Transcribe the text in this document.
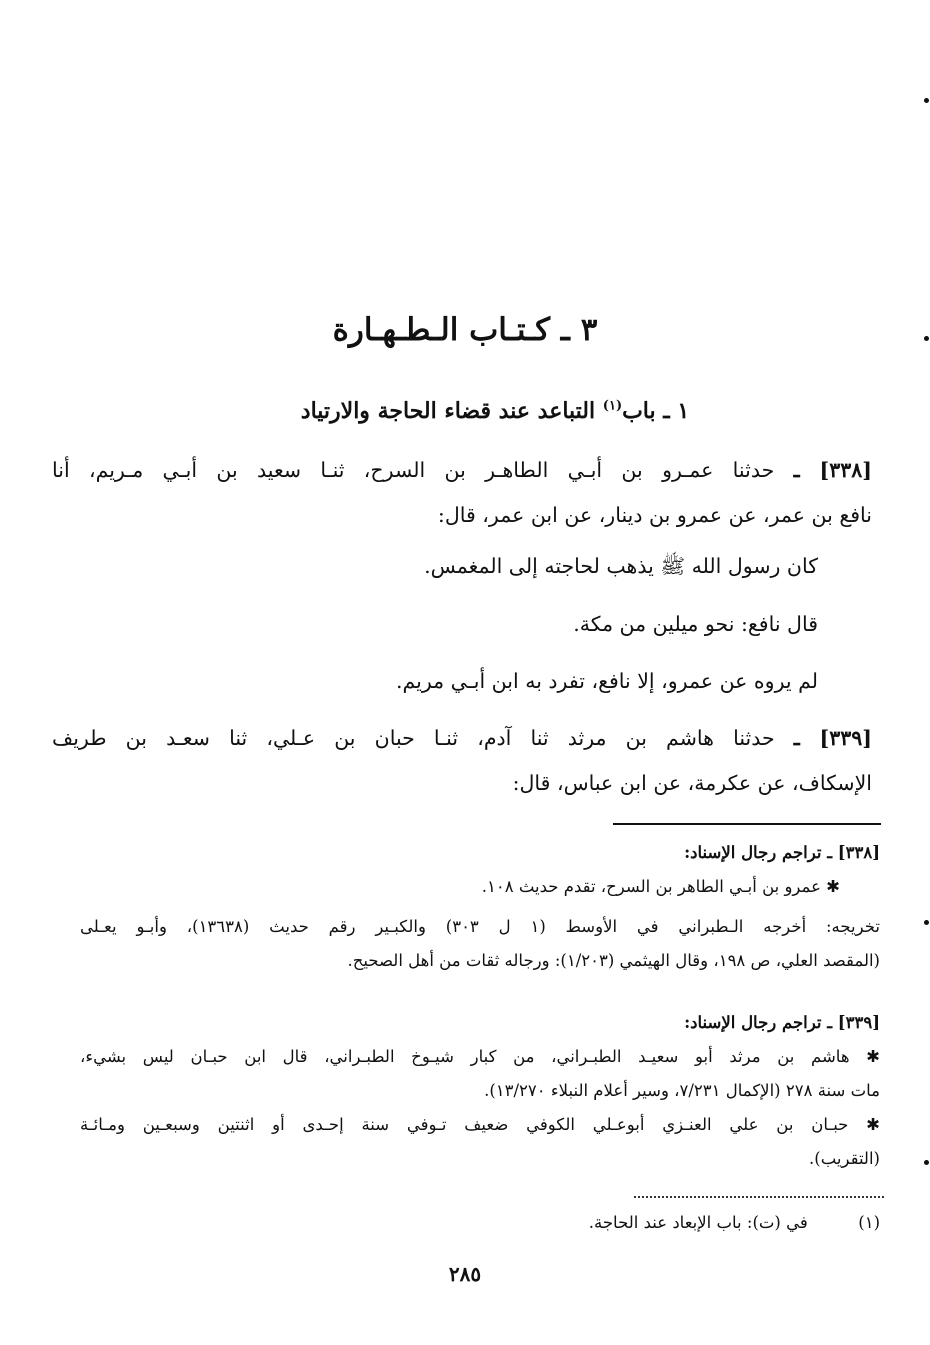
٣ ـ كـتـاب الـطـهـارة
١ ـ باب$^{(١)}$ التباعد عند قضاء الحاجة والارتياد

[٣٣٨] ـ حدثنا عمـرو بن أبـي الطاهـر بن السرح، ثنـا سعيد بن أبـي مـريم، أنا

نافع بن عمر، عن عمرو بن دينار، عن ابن عمر، قال:

كان رسول الله ﷺ يذهب لحاجته إلى المغمس.
قال نافع: نحو ميلين من مكة.
لم يروه عن عمرو، إلا نافع، تفرد به ابن أبـي مريم.

[٣٣٩] ـ حدثنا هاشم بن مرثد ثنا آدم، ثنـا حبان بن عـلي، ثنا سعـد بن طريف

الإسكاف، عن عكرمة، عن ابن عباس، قال:

[٣٣٨] ـ تراجم رجال الإسناد:

✱ عمرو بن أبـي الطاهر بن السرح، تقدم حديث ١٠٨.

تخريجه: أخرجه الـطبراني في الأوسط (١ ل ٣٠٣) والكبـير رقم حديث (١٣٦٣٨)، وأبـو يعـلى

(المقصد العلي، ص ١٩٨، وقال الهيثمي (١/٢٠٣): ورجاله ثقات من أهل الصحيح.

[٣٣٩] ـ تراجم رجال الإسناد:

✱ هاشم بن مرثد أبو سعيـد الطبـراني، من كبار شيـوخ الطبـراني، قال ابن حبـان ليس بشيء،

مات سنة ٢٧٨ (الإكمال ٧/٢٣١، وسير أعلام النبلاء ١٣/٢٧٠).

✱ حبـان بن علي العنـزي أبوعـلي الكوفي ضعيف تـوفي سنة إحـدى أو اثنتين وسبعـين ومـائـة

(التقريب).

(١)  في (ت): باب الإبعاد عند الحاجة.
٢٨٥
